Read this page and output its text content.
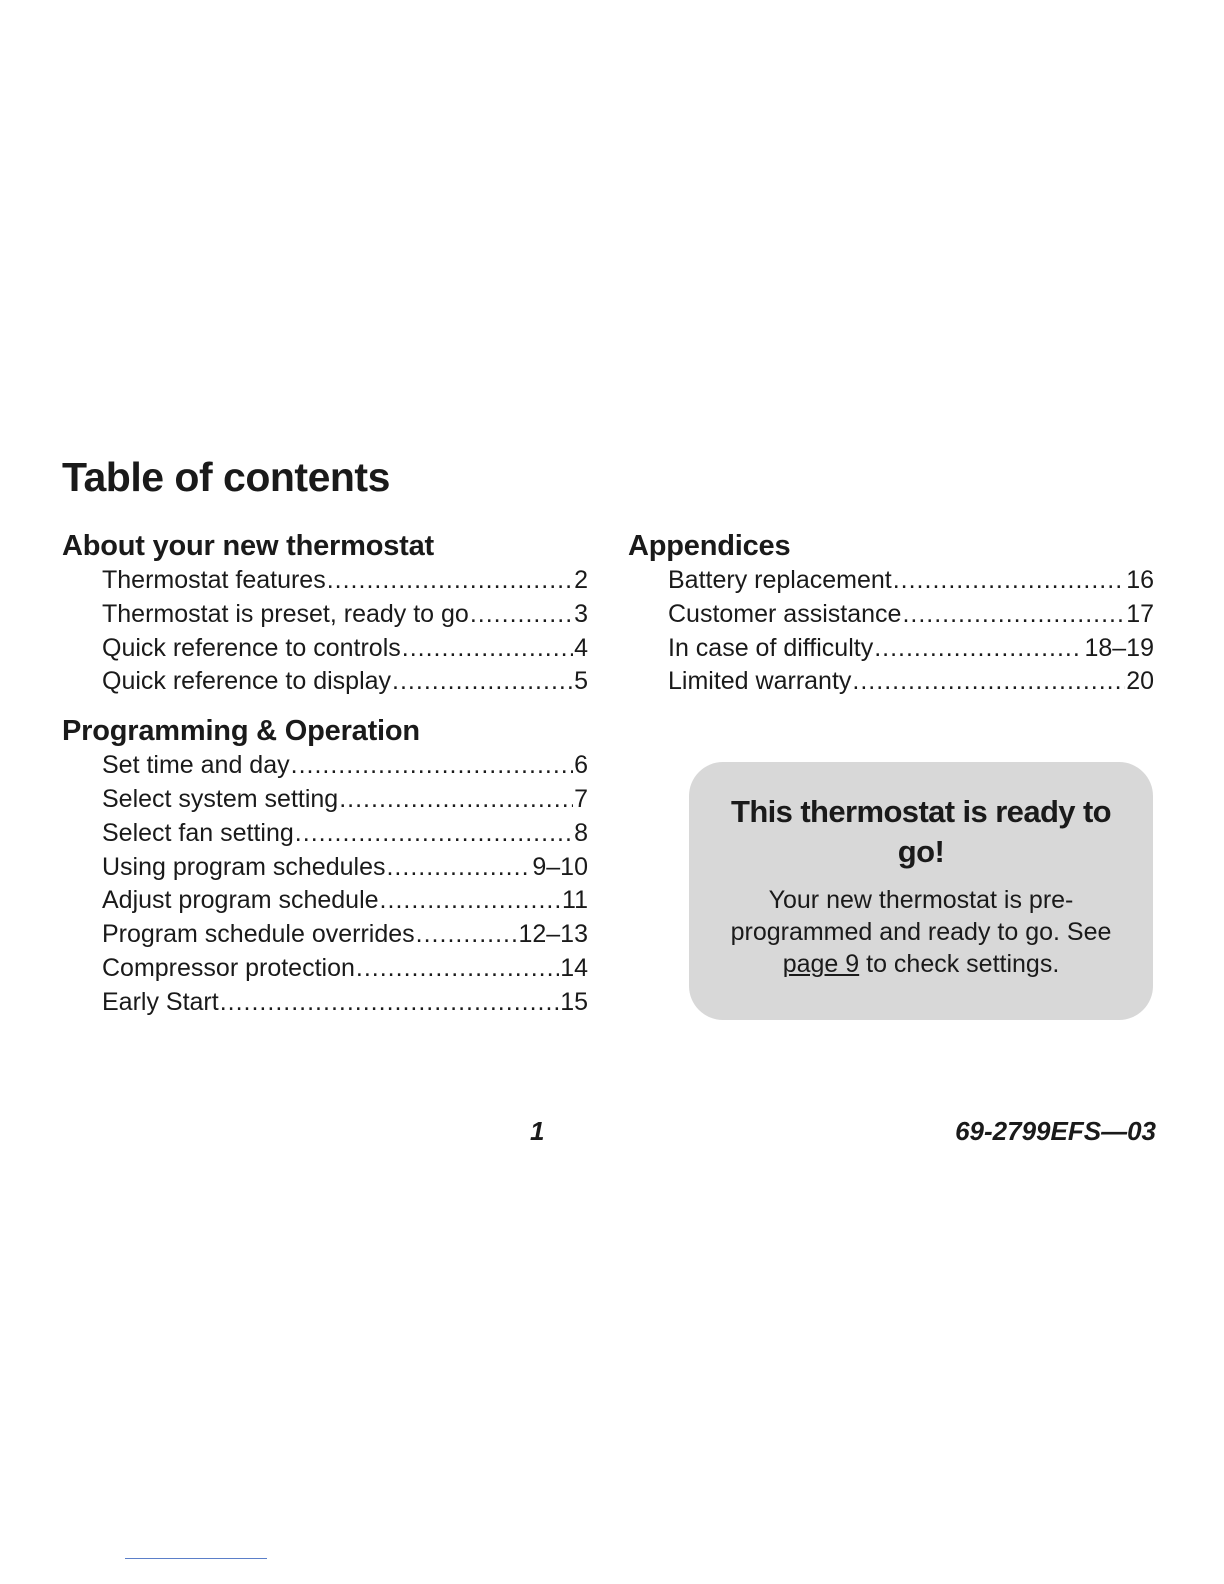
Table of contents
About your new thermostat
Thermostat features .....	2
Thermostat is preset, ready to go .....	3
Quick reference to controls .....	4
Quick reference to display .....	5
Programming & Operation
Set time and day .....	6
Select system setting .....	7
Select fan setting .....	8
Using program schedules .....	9–10
Adjust program schedule .....	11
Program schedule overrides .....	12–13
Compressor protection .....	14
Early Start .....	15
Appendices
Battery replacement .....	16
Customer assistance .....	17
In case of difficulty .....	18–19
Limited warranty .....	20

This thermostat is ready to go!

Your new thermostat is pre-programmed and ready to go. See page 9 to check settings.

1	69-2799EFS—03
